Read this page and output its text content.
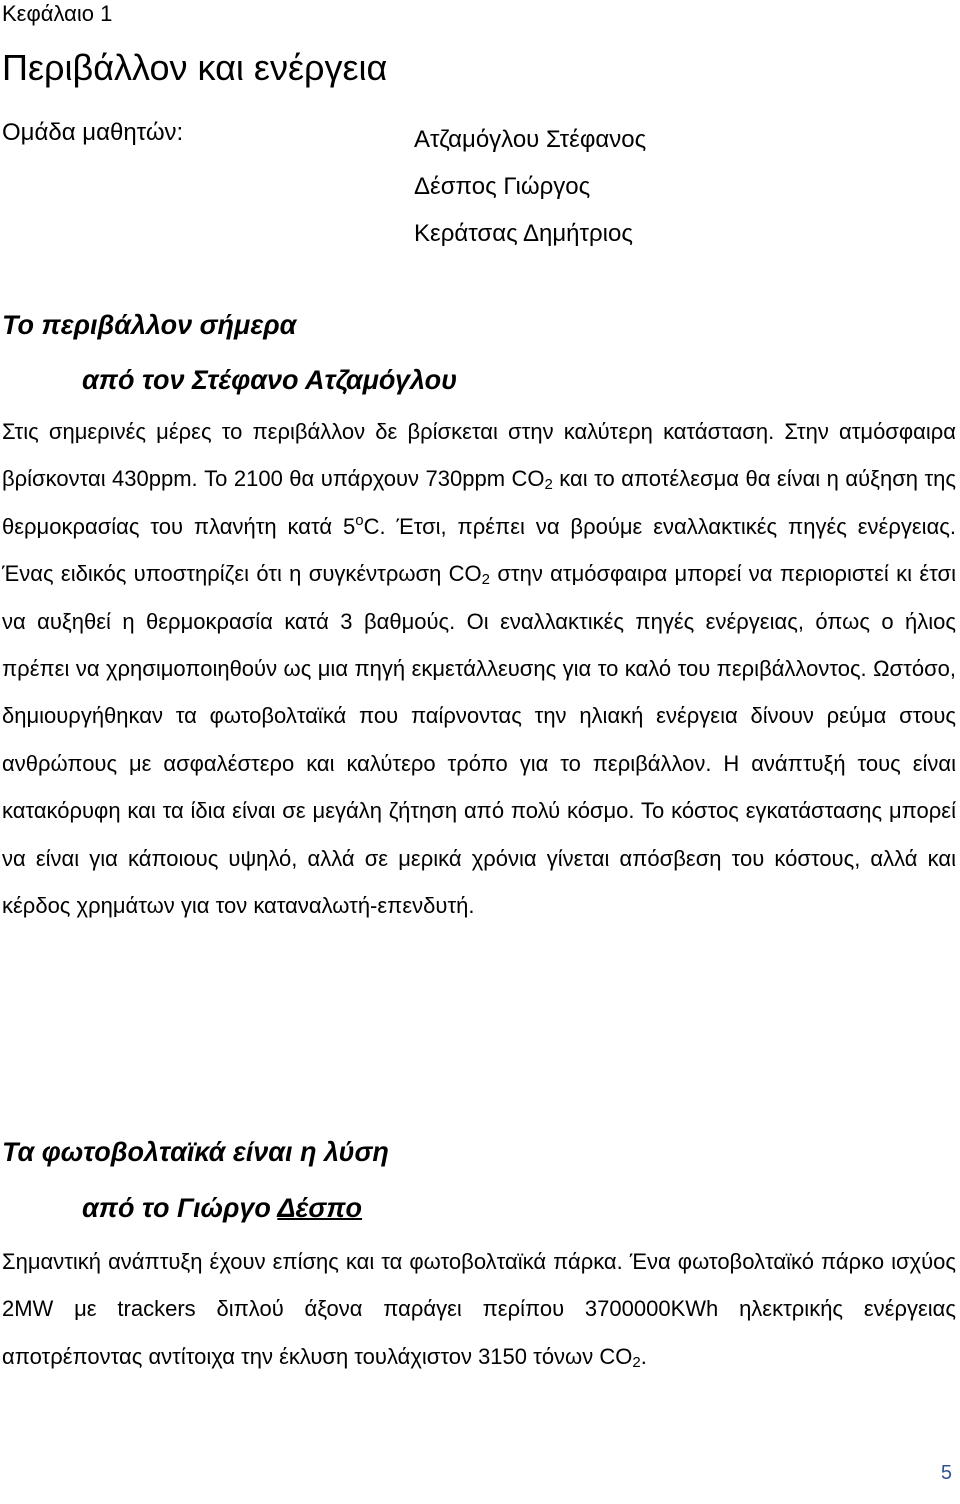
Κεφάλαιο 1
Περιβάλλον και ενέργεια
Ομάδα μαθητών:	Ατζαμόγλου Στέφανος
Δέσπος Γιώργος
Κεράτσας Δημήτριος
Το περιβάλλον σήμερα
από τον Στέφανο Ατζαμόγλου

Στις σημερινές μέρες το περιβάλλον δε βρίσκεται στην καλύτερη κατάσταση. Στην ατμόσφαιρα βρίσκονται 430ppm. Το 2100 θα υπάρχουν 730ppm $CO_2$ και το αποτέλεσμα θα είναι η αύξηση της θερμοκρασίας του πλανήτη κατά $5^oC$. Έτσι, πρέπει να βρούμε εναλλακτικές πηγές ενέργειας. Ένας ειδικός υποστηρίζει ότι η συγκέντρωση $CO_2$ στην ατμόσφαιρα μπορεί να περιοριστεί κι έτσι να αυξηθεί η θερμοκρασία κατά 3 βαθμούς. Οι εναλλακτικές πηγές ενέργειας, όπως ο ήλιος πρέπει να χρησιμοποιηθούν ως μια πηγή εκμετάλλευσης για το καλό του περιβάλλοντος. Ωστόσο, δημιουργήθηκαν τα φωτοβολταϊκά που παίρνοντας την ηλιακή ενέργεια δίνουν ρεύμα στους ανθρώπους με ασφαλέστερο και καλύτερο τρόπο για το περιβάλλον. Η ανάπτυξή τους είναι κατακόρυφη και τα ίδια είναι σε μεγάλη ζήτηση από πολύ κόσμο. Το κόστος εγκατάστασης μπορεί να είναι για κάποιους υψηλό, αλλά σε μερικά χρόνια γίνεται απόσβεση του κόστους, αλλά και κέρδος χρημάτων για τον καταναλωτή-επενδυτή.

Τα φωτοβολταϊκά είναι η λύση
από το Γιώργο Δέσπο

Σημαντική ανάπτυξη έχουν επίσης και τα φωτοβολταϊκά πάρκα. Ένα φωτοβολταϊκό πάρκο ισχύος 2MW με trackers διπλού άξονα παράγει περίπου 3700000KWh ηλεκτρικής ενέργειας αποτρέποντας αντίτοιχα την έκλυση τουλάχιστον 3150 τόνων $CO_2$.

5
